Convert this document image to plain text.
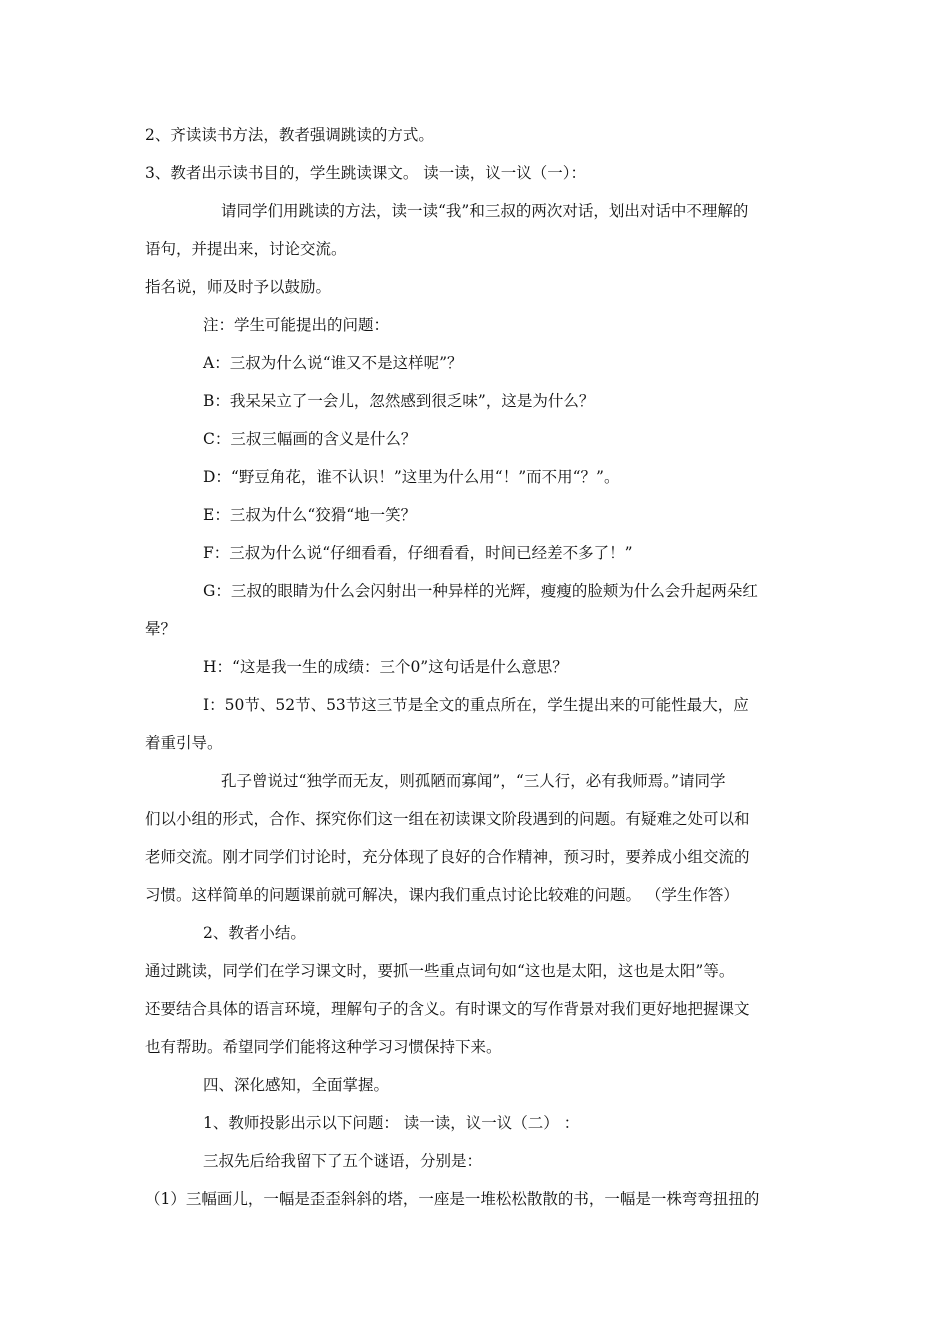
2、齐读读书方法，教者强调跳读的方式。
3、教者出示读书目的，学生跳读课文。 读一读，议一议（一）：
请同学们用跳读的方法，读一读“我”和三叔的两次对话，划出对话中不理解的
语句，并提出来，讨论交流。
指名说，师及时予以鼓励。
注：学生可能提出的问题：
A：三叔为什么说“谁又不是这样呢”？
B：我呆呆立了一会儿，忽然感到很乏味”，这是为什么？
C：三叔三幅画的含义是什么？
D：“野豆角花，谁不认识！”这里为什么用“！”而不用“？”。
E：三叔为什么“狡猾“地一笑？
F：三叔为什么说“仔细看看，仔细看看，时间已经差不多了！”
G：三叔的眼睛为什么会闪射出一种异样的光辉，瘦瘦的脸颊为什么会升起两朵红
晕？
H：“这是我一生的成绩：三个0”这句话是什么意思？
I：50节、52节、53节这三节是全文的重点所在，学生提出来的可能性最大，应
着重引导。
孔子曾说过“独学而无友，则孤陋而寡闻”，“三人行，必有我师焉。”请同学
们以小组的形式，合作、探究你们这一组在初读课文阶段遇到的问题。有疑难之处可以和
老师交流。刚才同学们讨论时，充分体现了良好的合作精神，预习时，要养成小组交流的
习惯。这样简单的问题课前就可解决，课内我们重点讨论比较难的问题。 （学生作答）
2、教者小结。
通过跳读，同学们在学习课文时，要抓一些重点词句如“这也是太阳，这也是太阳”等。
还要结合具体的语言环境，理解句子的含义。有时课文的写作背景对我们更好地把握课文
也有帮助。希望同学们能将这种学习习惯保持下来。
四、深化感知，全面掌握。
1、教师投影出示以下问题： 读一读，议一议（二） ：
三叔先后给我留下了五个谜语，分别是：
（1）三幅画儿，一幅是歪歪斜斜的塔，一座是一堆松松散散的书，一幅是一株弯弯扭扭的
